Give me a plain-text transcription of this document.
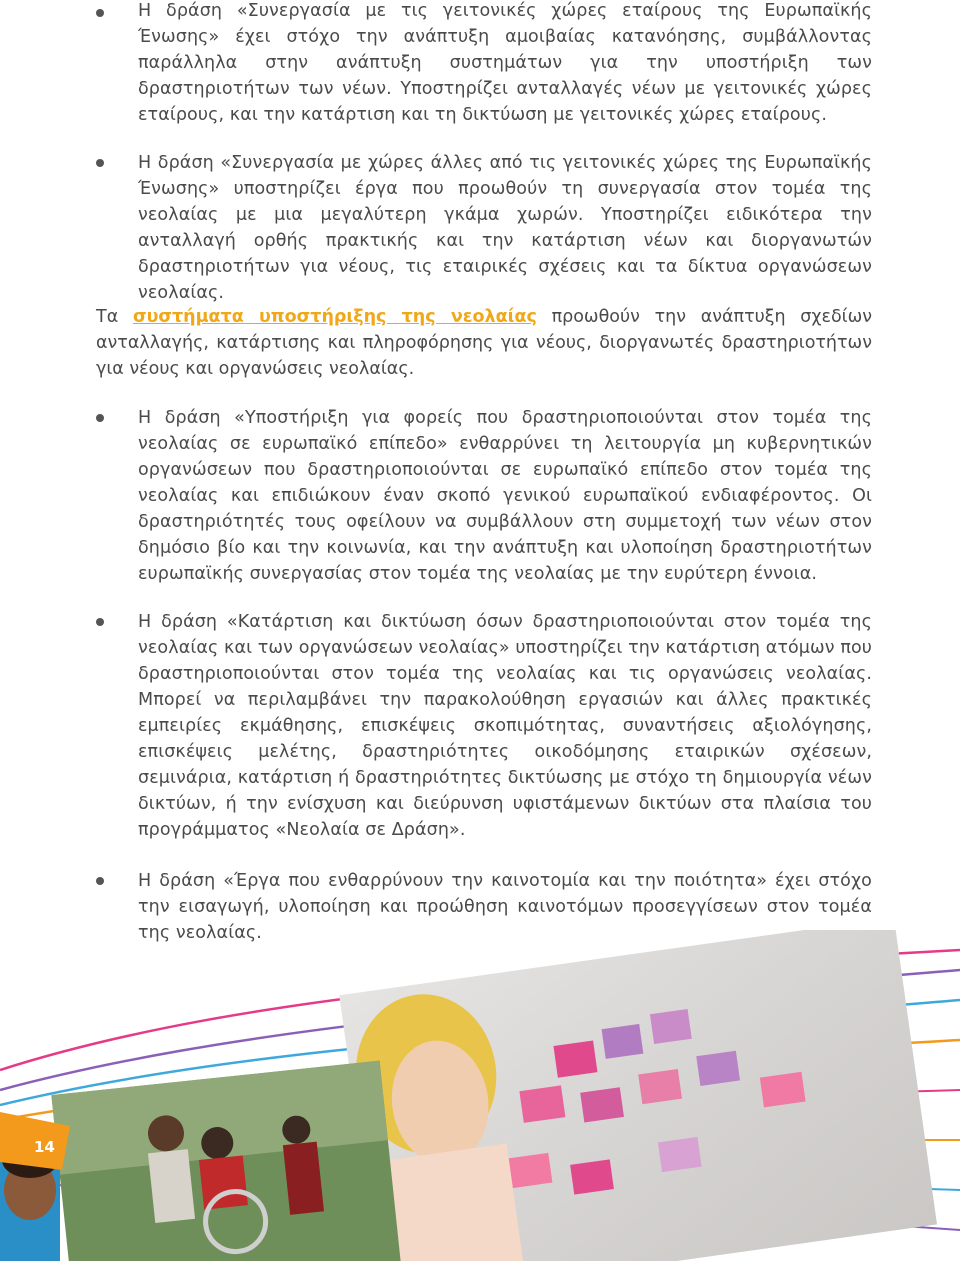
Η δράση «Συνεργασία με τις γειτονικές χώρες εταίρους της Ευρωπαϊκής Ένωσης» έχει στόχο την ανάπτυξη αμοιβαίας κατανόησης, συμβάλλοντας παράλληλα στην ανάπτυξη συστημάτων για την υποστήριξη των δραστηριοτήτων των νέων. Υποστηρίζει ανταλλαγές νέων με γειτονικές χώρες εταίρους, και την κατάρτιση και τη δικτύωση με γειτονικές χώρες εταίρους.
Η δράση «Συνεργασία με χώρες άλλες από τις γειτονικές χώρες της Ευρωπαϊκής Ένωσης» υποστηρίζει έργα που προωθούν τη συνεργασία στον τομέα της νεολαίας με μια μεγαλύτερη γκάμα χωρών. Υποστηρίζει ειδικότερα την ανταλλαγή ορθής πρακτικής και την κατάρτιση νέων και διοργανωτών δραστηριοτήτων για νέους, τις εταιρικές σχέσεις και τα δίκτυα οργανώσεων νεολαίας.
Τα συστήματα υποστήριξης της νεολαίας προωθούν την ανάπτυξη σχεδίων ανταλλαγής, κατάρτισης και πληροφόρησης για νέους, διοργανωτές δραστηριοτήτων για νέους και οργανώσεις νεολαίας.
Η δράση «Υποστήριξη για φορείς που δραστηριοποιούνται στον τομέα της νεολαίας σε ευρωπαϊκό επίπεδο» ενθαρρύνει τη λειτουργία μη κυβερνητικών οργανώσεων που δραστηριοποιούνται σε ευρωπαϊκό επίπεδο στον τομέα της νεολαίας και επιδιώκουν έναν σκοπό γενικού ευρωπαϊκού ενδιαφέροντος. Οι δραστηριότητές τους οφείλουν να συμβάλλουν στη συμμετοχή των νέων στον δημόσιο βίο και την κοινωνία, και την ανάπτυξη και υλοποίηση δραστηριοτήτων ευρωπαϊκής συνεργασίας στον τομέα της νεολαίας με την ευρύτερη έννοια.
Η δράση «Κατάρτιση και δικτύωση όσων δραστηριοποιούνται στον τομέα της νεολαίας και των οργανώσεων νεολαίας» υποστηρίζει την κατάρτιση ατόμων που δραστηριοποιούνται στον τομέα της νεολαίας και τις οργανώσεις νεολαίας. Μπορεί να περιλαμβάνει την παρακολούθηση εργασιών και άλλες πρακτικές εμπειρίες εκμάθησης, επισκέψεις σκοπιμότητας, συναντήσεις αξιολόγησης, επισκέψεις μελέτης, δραστηριότητες οικοδόμησης εταιρικών σχέσεων, σεμινάρια, κατάρτιση ή δραστηριότητες δικτύωσης με στόχο τη δημιουργία νέων δικτύων, ή την ενίσχυση και διεύρυνση υφιστάμενων δικτύων στα πλαίσια του προγράμματος «Νεολαία σε Δράση».
Η δράση «Έργα που ενθαρρύνουν την καινοτομία και την ποιότητα» έχει στόχο την εισαγωγή, υλοποίηση και προώθηση καινοτόμων προσεγγίσεων στον τομέα της νεολαίας.
14
